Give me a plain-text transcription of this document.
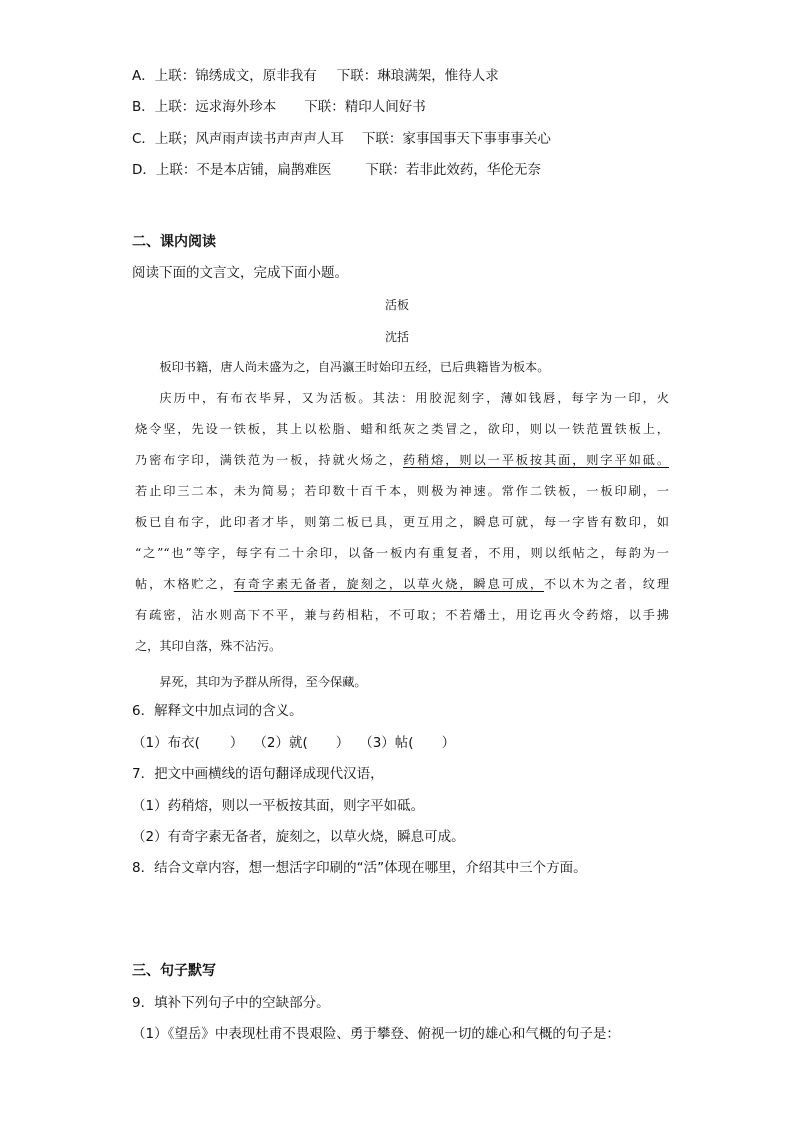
A．上联：锦绣成文，原非我有 下联：琳琅满架，惟待人求
B．上联：远求海外珍本 下联：精印人间好书
C．上联；风声雨声读书声声声人耳 下联：家事国事天下事事事关心
D．上联：不是本店铺，扁鹊难医	下联：若非此效药，华伦无奈
二、课内阅读
阅读下面的文言文，完成下面小题。
活板
沈括
板印书籍，唐人尚未盛为之，自冯瀛王时始印五经，已后典籍皆为板本。
庆历中，有布衣毕昇，又为活板。其法：用胶泥刻字，薄如钱唇，每字为一印，火
烧令坚，先设一铁板，其上以松脂、蜡和纸灰之类冒之，欲印，则以一铁范置铁板上，
乃密布字印，满铁范为一板，持就火炀之，药稍熔，则以一平板按其面，则字平如砥。
若止印三二本，未为简易；若印数十百千本，则极为神速。常作二铁板，一板印刷，一
板已自布字，此印者才毕，则第二板已具，更互用之，瞬息可就，每一字皆有数印，如
“之”“也”等字，每字有二十余印，以备一板内有重复者，不用，则以纸帖之，每韵为一
帖，木格贮之，有奇字素无备者，旋刻之，以草火烧，瞬息可成，不以木为之者，纹理
有疏密，沾水则高下不平，兼与药相粘，不可取；不若燔土，用讫再火令药熔，以手拂
之，其印自落，殊不沾污。
昇死，其印为予群从所得，至今保藏。
6．解释文中加点词的含义。
（1）布衣( ） （2）就( ） （3）帖( ）
7．把文中画横线的语句翻译成现代汉语，
（1）药稍熔，则以一平板按其面，则字平如砥。
（2）有奇字素无备者，旋刻之，以草火烧，瞬息可成。
8．结合文章内容，想一想活字印刷的“活”体现在哪里，介绍其中三个方面。
三、句子默写
9．填补下列句子中的空缺部分。
（1）《望岳》中表现杜甫不畏艰险、勇于攀登、俯视一切的雄心和气概的句子是：
